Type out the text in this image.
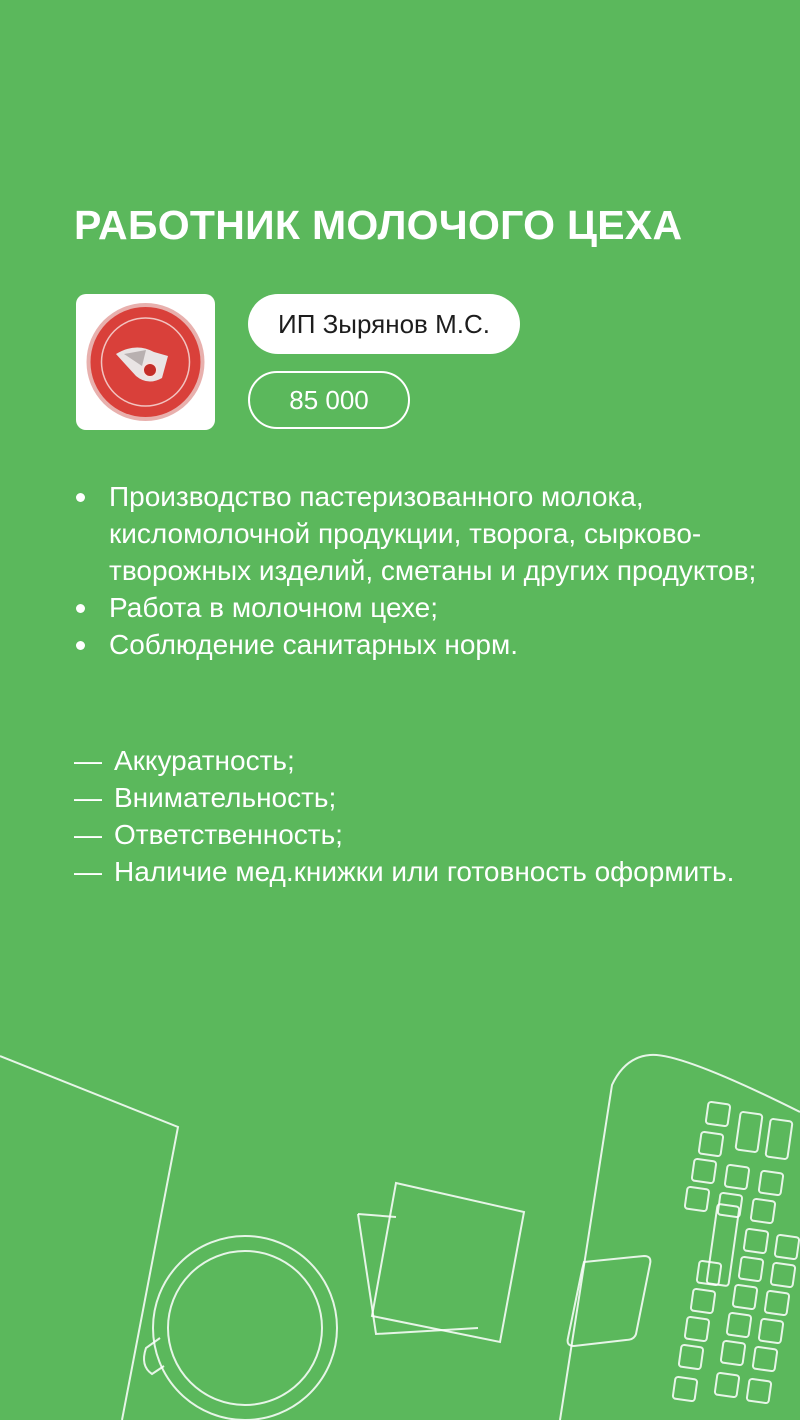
РАБОТНИК МОЛОЧОГО ЦЕХА
ИП Зырянов М.С.
85 000
Производство пастеризованного молока, кисломолочной продукции, творога, сырково-творожных изделий, сметаны и других продуктов;
Работа в молочном цехе;
Соблюдение санитарных норм.
— Аккуратность;
— Внимательность;
— Ответственность;
— Наличие мед.книжки или готовность оформить.
